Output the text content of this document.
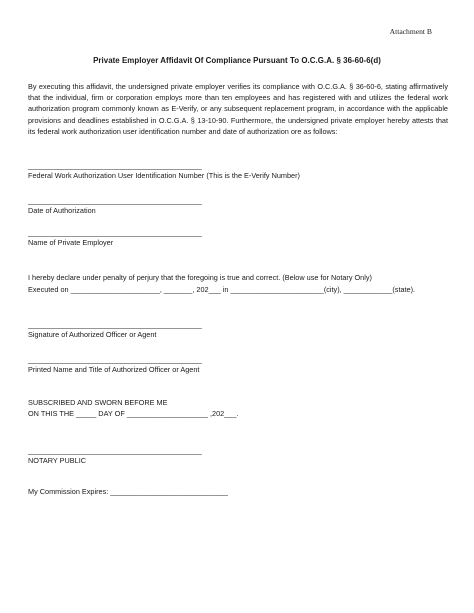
Attachment B
Private Employer Affidavit Of Compliance Pursuant To O.C.G.A. § 36-60-6(d)

By executing this affidavit, the undersigned private employer verifies its compliance with O.C.G.A. § 36-60-6, stating affirmatively that the individual, firm or corporation employs more than ten employees and has registered with and utilizes the federal work authorization program commonly known as E-Verify, or any subsequent replacement program, in accordance with the applicable provisions and deadlines established in O.C.G.A. § 13-10-90. Furthermore, the undersigned private employer hereby attests that its federal work authorization user identification number and date of authorization ore as follows:

_____________________________________________
Federal Work Authorization User Identification Number (This is the E-Verify Number)
_____________________________________________
Date of Authorization
_____________________________________________
Name of Private Employer
I hereby declare under penalty of perjury that the foregoing is true and correct. (Below use for Notary Only)
Executed on ______________________, _______, 202___ in _______________________(city), ____________(state).
_____________________________________________
Signature of Authorized Officer or Agent
_____________________________________________
Printed Name and Title of Authorized Officer or Agent
SUBSCRIBED AND SWORN BEFORE ME
ON THIS THE _____ DAY OF ____________________ ,202___.
_____________________________________________
NOTARY PUBLIC
My Commission Expires: _____________________________
